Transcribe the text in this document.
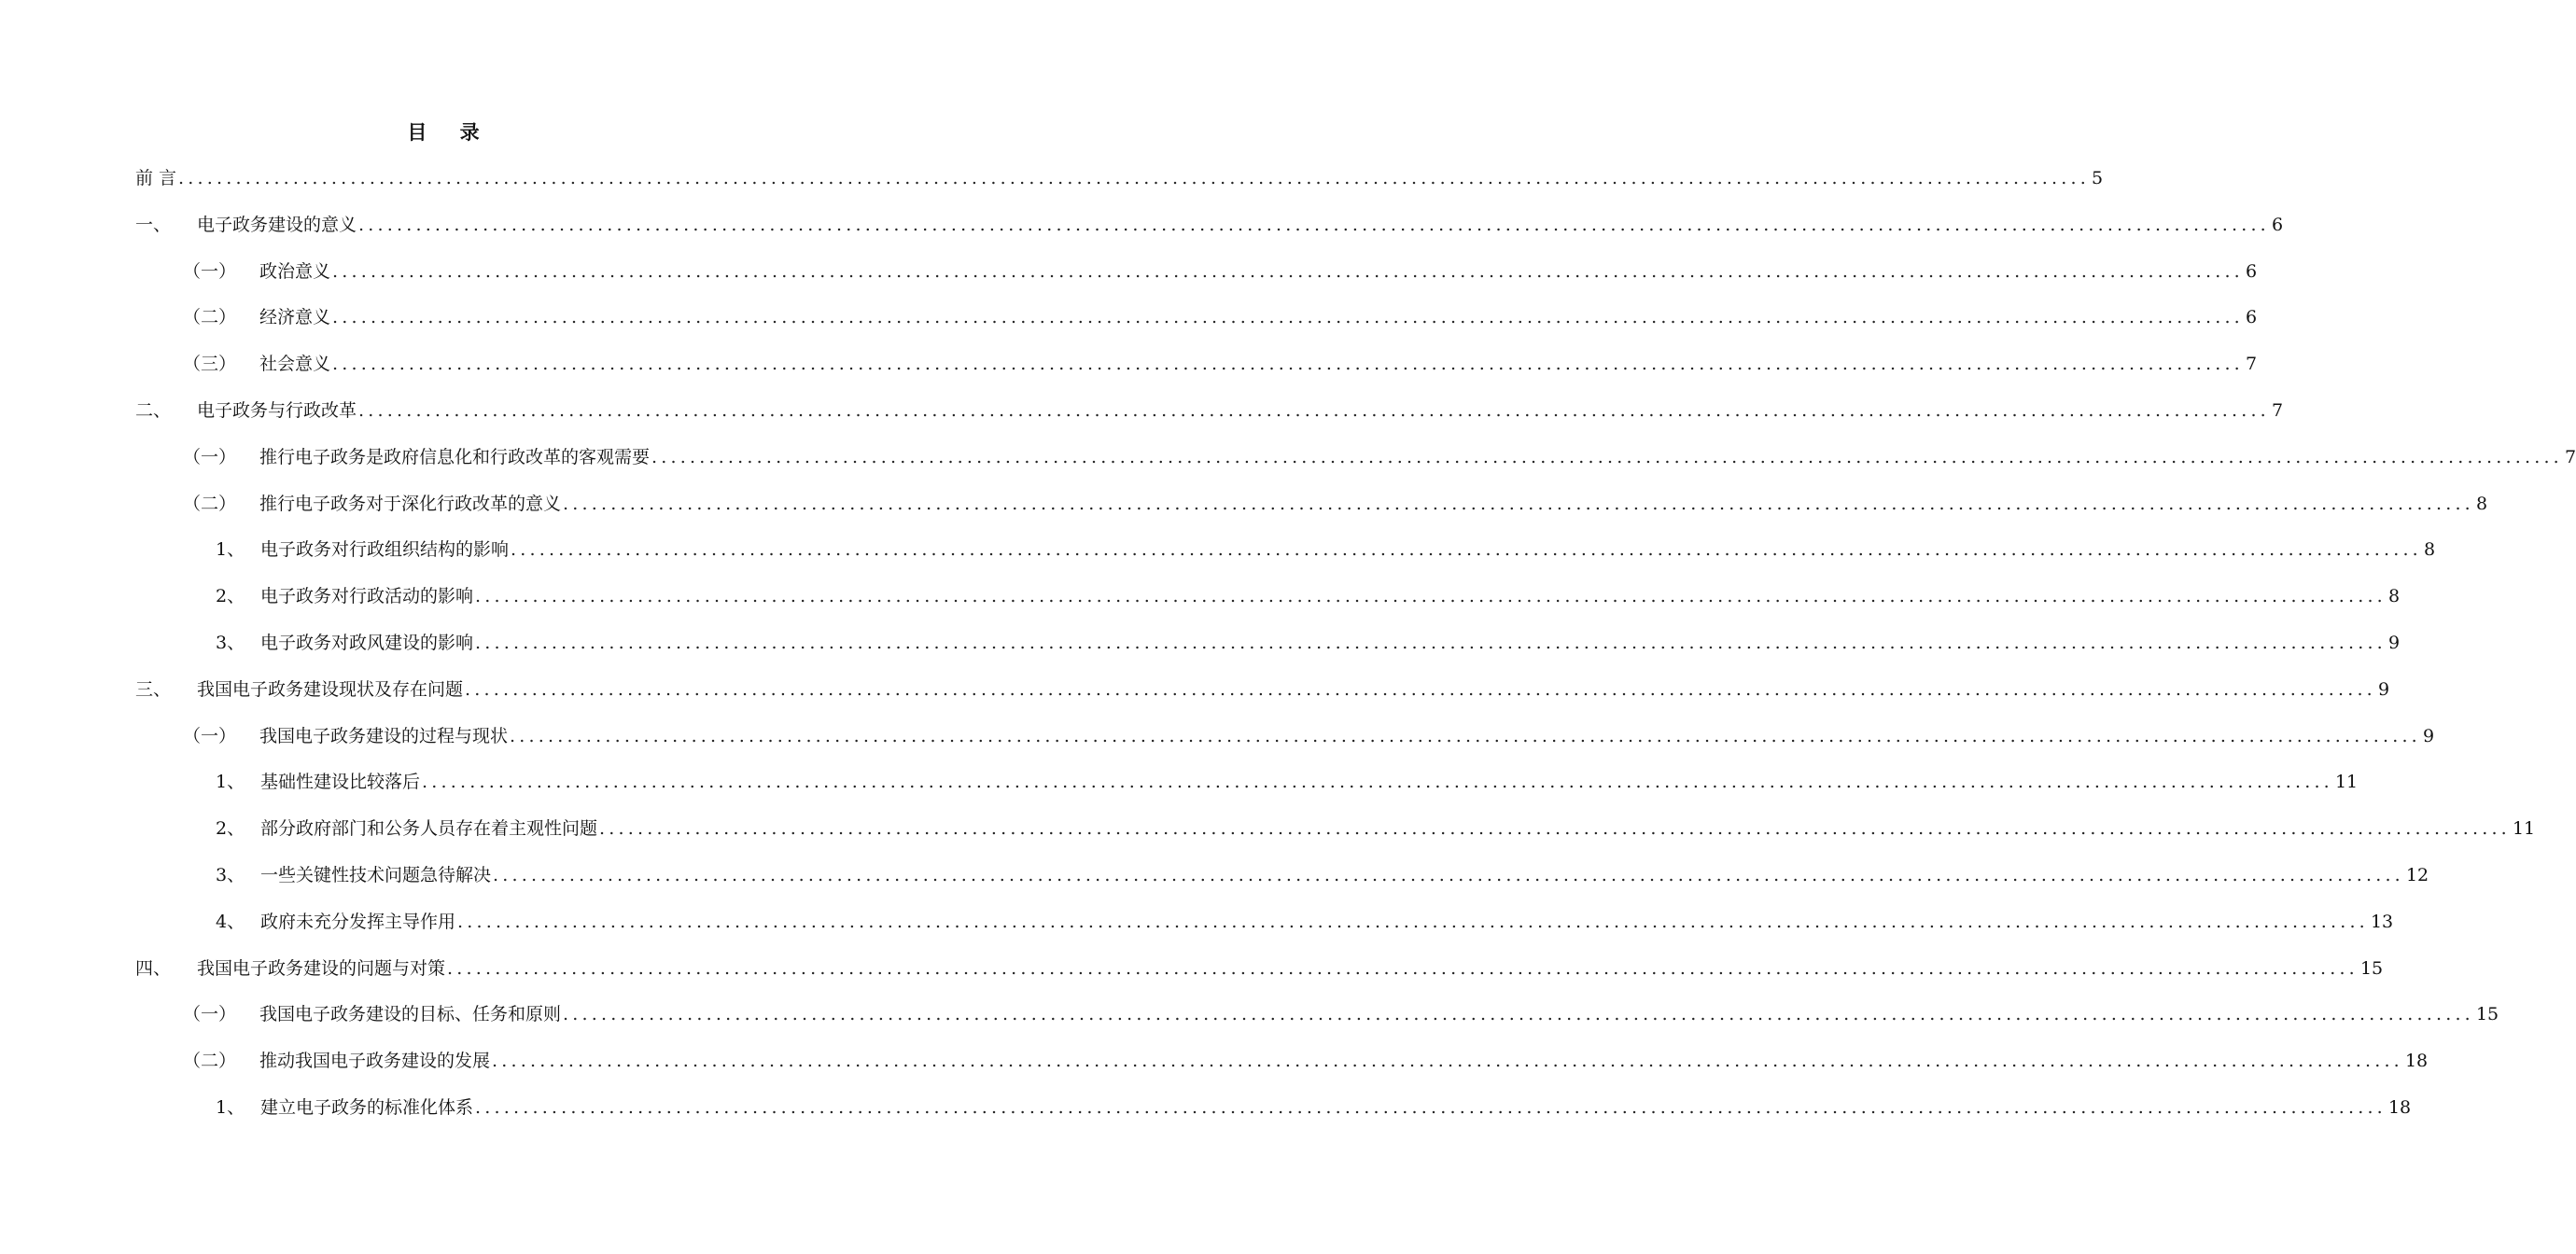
目 录
前 言 ........................................................................................................................................................................................................ 5
一、	电子政务建设的意义 ........................................................................................................................................................................................................ 6
（一）	政治意义 ........................................................................................................................................................................................................ 6
（二）	经济意义 ........................................................................................................................................................................................................ 6
（三）	社会意义 ........................................................................................................................................................................................................ 7
二、	电子政务与行政改革 ........................................................................................................................................................................................................ 7
（一）	推行电子政务是政府信息化和行政改革的客观需要 ........................................................................................................................................................................................................ 7
（二）	推行电子政务对于深化行政改革的意义 ........................................................................................................................................................................................................ 8
1、 电子政务对行政组织结构的影响 ........................................................................................................................................................................................................ 8
2、 电子政务对行政活动的影响 ........................................................................................................................................................................................................ 8
3、 电子政务对政风建设的影响 ........................................................................................................................................................................................................ 9
三、	我国电子政务建设现状及存在问题 ........................................................................................................................................................................................................ 9
（一）	我国电子政务建设的过程与现状 ........................................................................................................................................................................................................ 9
1、 基础性建设比较落后 ........................................................................................................................................................................................................ 11
2、 部分政府部门和公务人员存在着主观性问题 ........................................................................................................................................................................................................ 11
3、 一些关键性技术问题急待解决 ........................................................................................................................................................................................................ 12
4、 政府未充分发挥主导作用 ........................................................................................................................................................................................................ 13
四、	我国电子政务建设的问题与对策 ........................................................................................................................................................................................................ 15
（一）	我国电子政务建设的目标、任务和原则 ........................................................................................................................................................................................................ 15
（二）	推动我国电子政务建设的发展 ........................................................................................................................................................................................................ 18
1、 建立电子政务的标准化体系 ........................................................................................................................................................................................................ 18
